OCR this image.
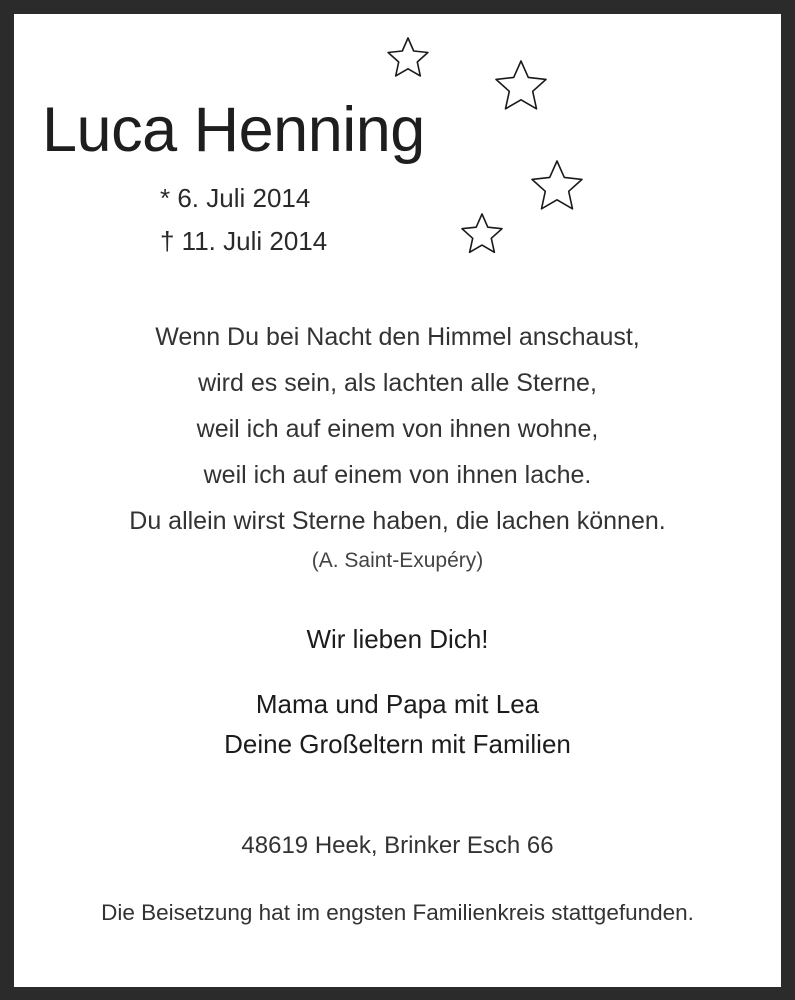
Luca Henning
* 6. Juli 2014
† 11. Juli 2014
Wenn Du bei Nacht den Himmel anschaust,
wird es sein, als lachten alle Sterne,
weil ich auf einem von ihnen wohne,
weil ich auf einem von ihnen lache.
Du allein wirst Sterne haben, die lachen können.
(A. Saint-Exupéry)
Wir lieben Dich!
Mama und Papa mit Lea
Deine Großeltern mit Familien
48619 Heek, Brinker Esch 66
Die Beisetzung hat im engsten Familienkreis stattgefunden.
